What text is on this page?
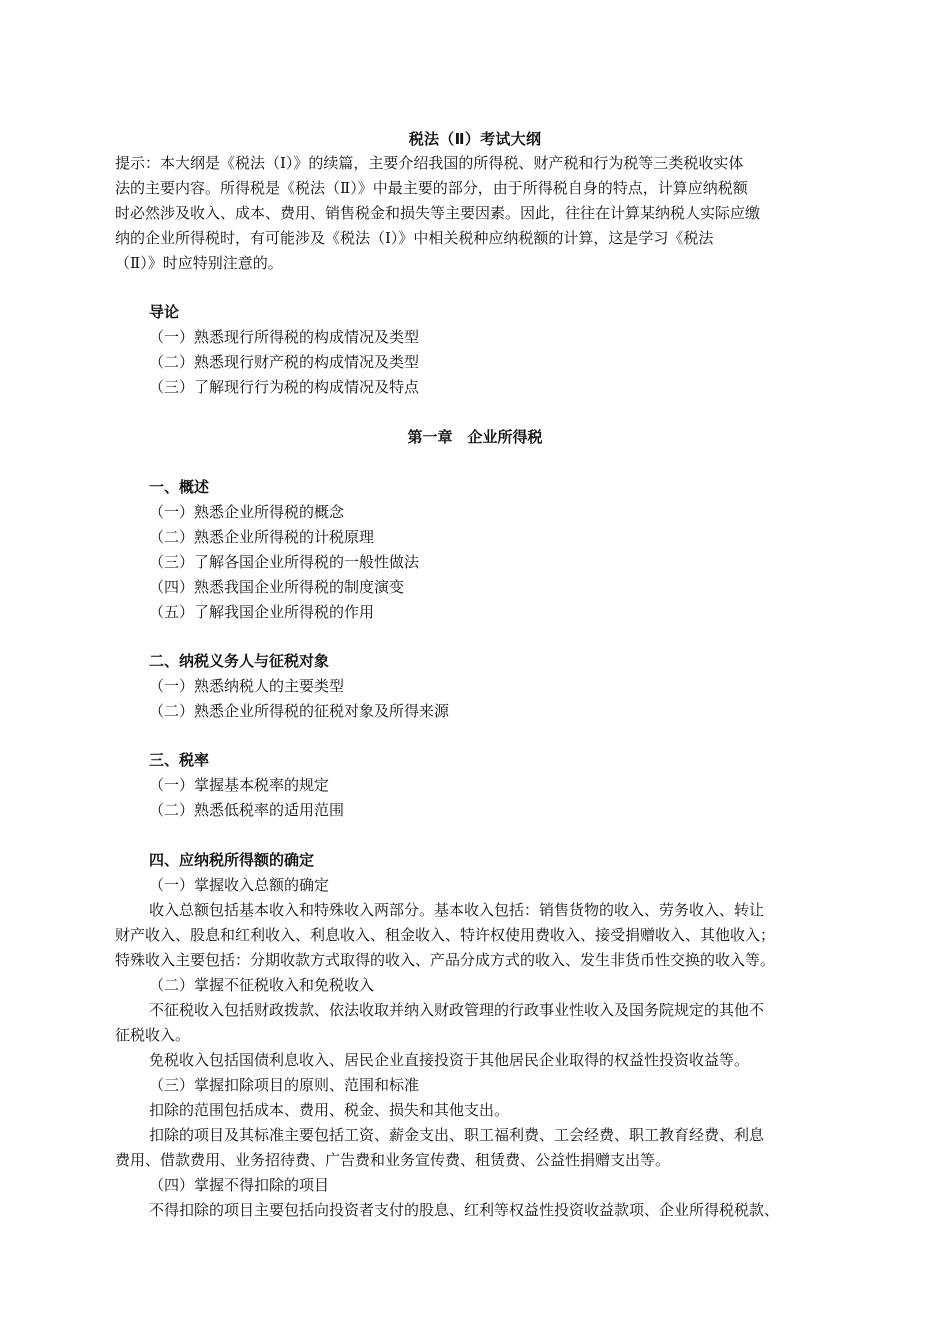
税法（Ⅱ）考试大纲
提示：本大纲是《税法（Ⅰ）》的续篇，主要介绍我国的所得税、财产税和行为税等三类税收实体
法的主要内容。所得税是《税法（Ⅱ）》中最主要的部分，由于所得税自身的特点，计算应纳税额
时必然涉及收入、成本、费用、销售税金和损失等主要因素。因此，往往在计算某纳税人实际应缴
纳的企业所得税时，有可能涉及《税法（Ⅰ）》中相关税种应纳税额的计算，这是学习《税法
（Ⅱ）》时应特别注意的。
导论
（一）熟悉现行所得税的构成情况及类型
（二）熟悉现行财产税的构成情况及类型
（三）了解现行行为税的构成情况及特点
第一章　企业所得税
一、概述
（一）熟悉企业所得税的概念
（二）熟悉企业所得税的计税原理
（三）了解各国企业所得税的一般性做法
（四）熟悉我国企业所得税的制度演变
（五）了解我国企业所得税的作用
二、纳税义务人与征税对象
（一）熟悉纳税人的主要类型
（二）熟悉企业所得税的征税对象及所得来源
三、税率
（一）掌握基本税率的规定
（二）熟悉低税率的适用范围
四、应纳税所得额的确定
（一）掌握收入总额的确定
收入总额包括基本收入和特殊收入两部分。基本收入包括：销售货物的收入、劳务收入、转让
财产收入、股息和红利收入、利息收入、租金收入、特许权使用费收入、接受捐赠收入、其他收入；
特殊收入主要包括：分期收款方式取得的收入、产品分成方式的收入、发生非货币性交换的收入等。
（二）掌握不征税收入和免税收入
不征税收入包括财政拨款、依法收取并纳入财政管理的行政事业性收入及国务院规定的其他不
征税收入。
免税收入包括国债利息收入、居民企业直接投资于其他居民企业取得的权益性投资收益等。
（三）掌握扣除项目的原则、范围和标准
扣除的范围包括成本、费用、税金、损失和其他支出。
扣除的项目及其标准主要包括工资、薪金支出、职工福利费、工会经费、职工教育经费、利息
费用、借款费用、业务招待费、广告费和业务宣传费、租赁费、公益性捐赠支出等。
（四）掌握不得扣除的项目
不得扣除的项目主要包括向投资者支付的股息、红利等权益性投资收益款项、企业所得税税款、
